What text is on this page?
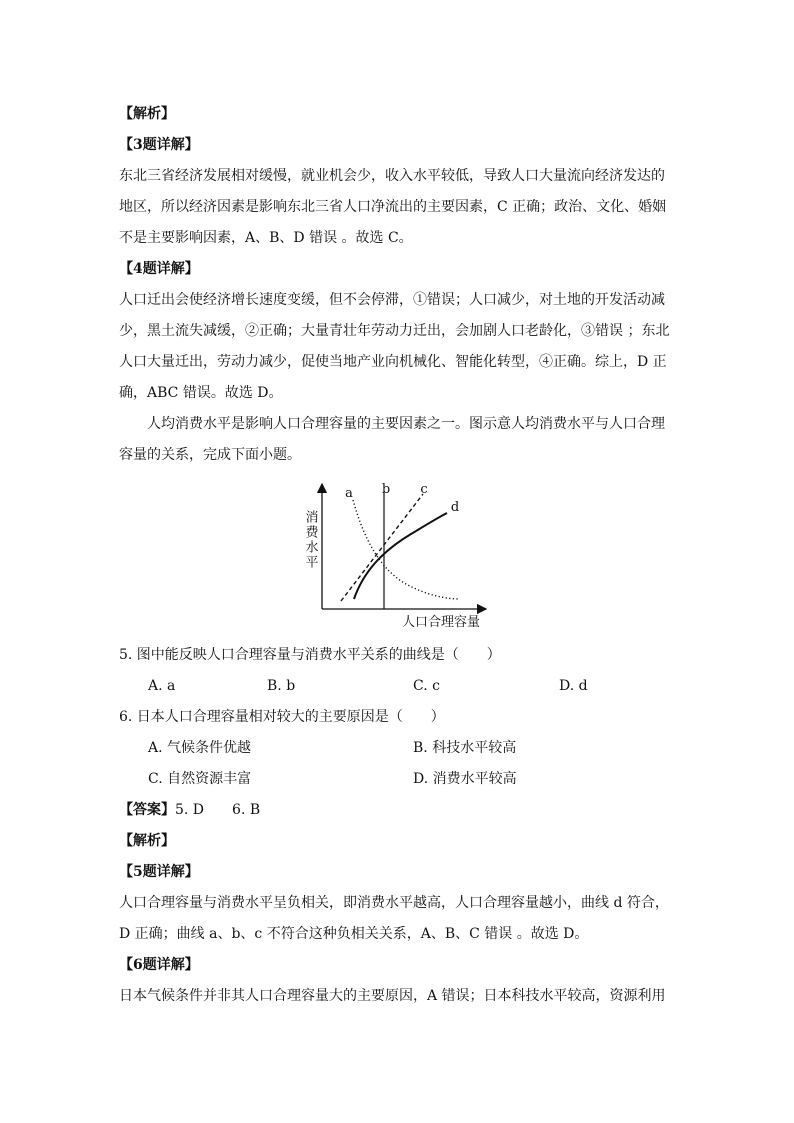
【解析】
【3题详解】
东北三省经济发展相对缓慢，就业机会少，收入水平较低，导致人口大量流向经济发达的
地区，所以经济因素是影响东北三省人口净流出的主要因素，C 正确；政治、文化、婚姻
不是主要影响因素，A、B、D 错误 。故选 C。
【4题详解】
人口迁出会使经济增长速度变缓，但不会停滞，①错误；人口减少，对土地的开发活动减
少，黑土流失减缓，②正确；大量青壮年劳动力迁出，会加剧人口老龄化，③错误 ；东北
人口大量迁出，劳动力减少，促使当地产业向机械化、智能化转型，④正确。综上，D 正
确，ABC 错误。故选 D。
人均消费水平是影响人口合理容量的主要因素之一。图示意人均消费水平与人口合理
容量的关系，完成下面小题。
消费水平
人口合理容量
a b c
d
5. 图中能反映人口合理容量与消费水平关系的曲线是（　　）
A. a	B. b	C. c	D. d
6. 日本人口合理容量相对较大的主要原因是（　　）
A. 气候条件优越	B. 科技水平较高
C. 自然资源丰富	D. 消费水平较高
【答案】5. D　　6. B
【解析】
【5题详解】
人口合理容量与消费水平呈负相关，即消费水平越高，人口合理容量越小，曲线 d 符合，
D 正确；曲线 a、b、c 不符合这种负相关关系，A、B、C 错误 。故选 D。
【6题详解】
日本气候条件并非其人口合理容量大的主要原因，A 错误；日本科技水平较高，资源利用
